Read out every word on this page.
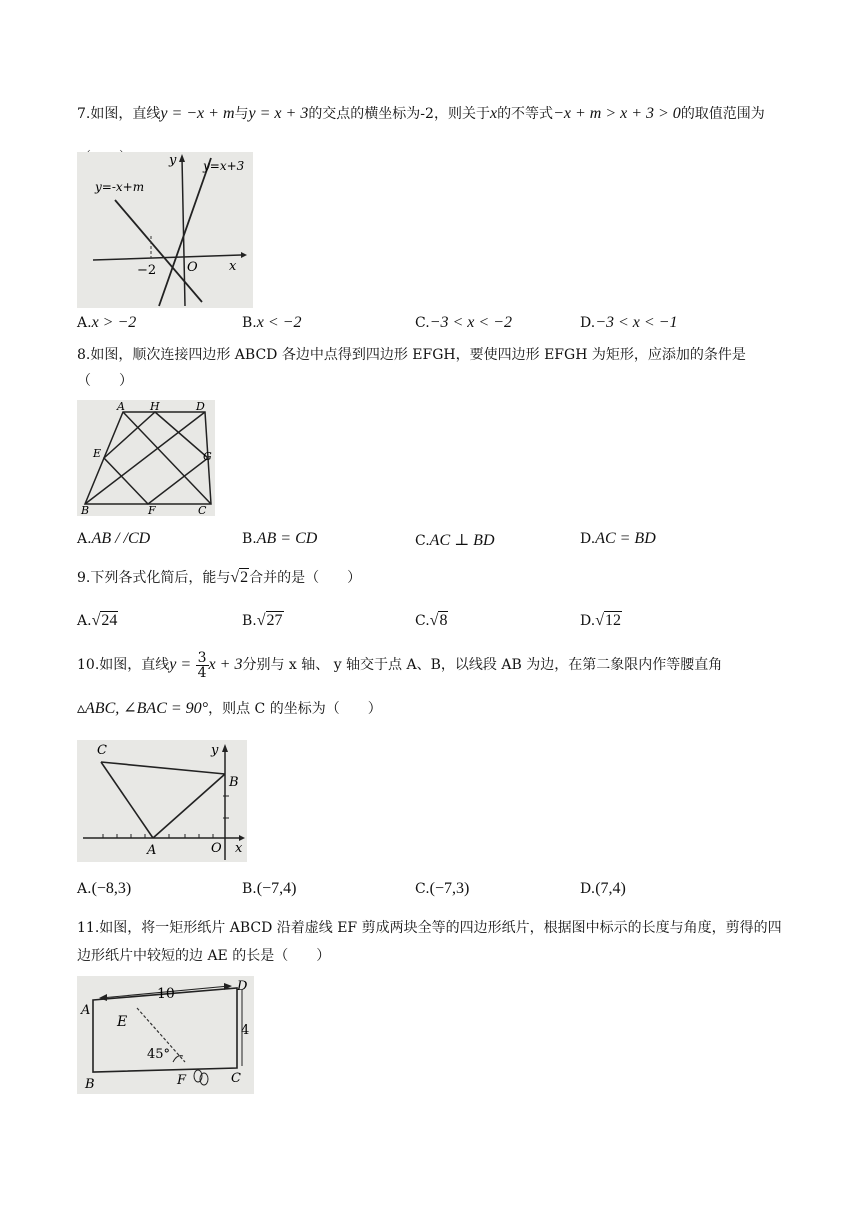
7.如图，直线y = −x + m与y = x + 3的交点的横坐标为-2，则关于x的不等式−x + m > x + 3 > 0的取值范围为　　

y=-x+m
y=x+3
y
x
O
−2
A.x > −2	B.x < −2	C.−3 < x < −2	D.−3 < x < −1

8.如图，顺次连接四边形 ABCD 各边中点得到四边形 EFGH，要使四边形 EFGH 为矩形，应添加的条件是（　　）

A H	D
E	G
B	F	C
A.AB / /CD	B.AB = CD	C.AC ⊥ BD	D.AC = BD

9.下列各式化简后，能与√2合并的是（　　）

A.√24	B.√27	C.√8	D.√12

10.如图，直线$y = \frac{3}{4}$ x + 3分别与 x 轴、 y 轴交于点 A、B，以线段 AB 为边，在第二象限内作等腰直角

▵ABC, ∠BAC = 90°，则点 C 的坐标为（　　）

C
B
A	O
y
x
A.(−8,3)	B.(−7,4)	C.(−7,3)	D.(7,4)

11.如图，将一矩形纸片 ABCD 沿着虚线 EF 剪成两块全等的四边形纸片，根据图中标示的长度与角度，剪得的四边形纸片中较短的边 AE 的长是（　　）

10
4
45°
A
D
E
B	F	C
